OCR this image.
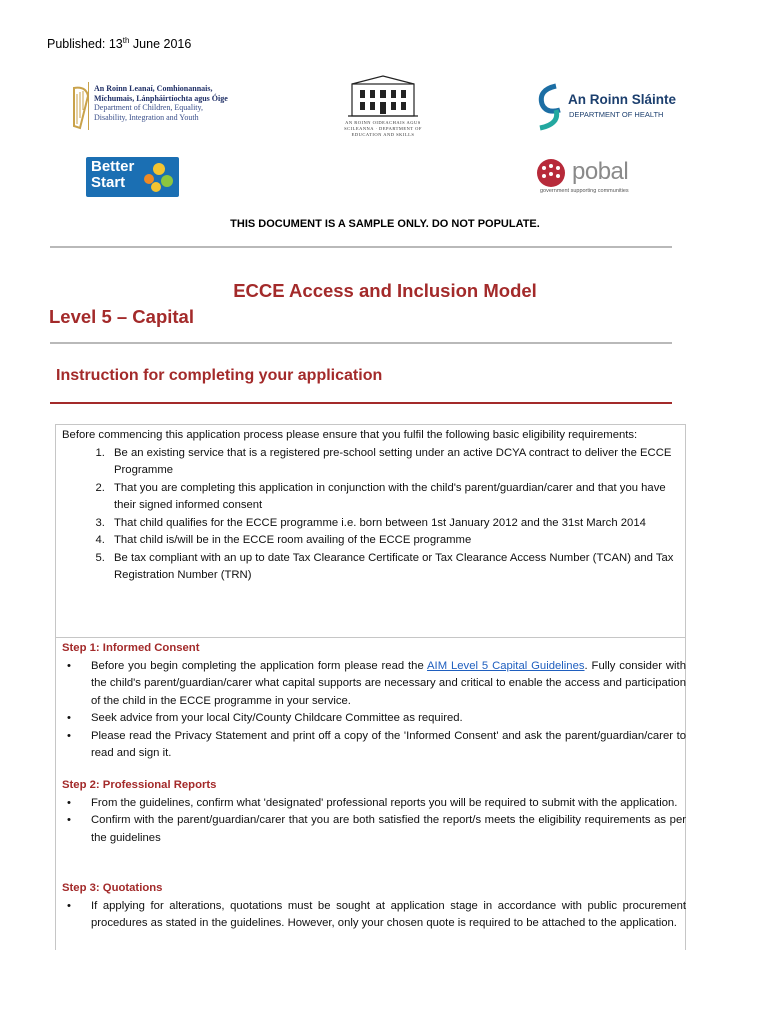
Published: 13th June 2016
An Roinn Leanaí, Comhionannais,
Míchumais, Lánpháirtíochta agus Óige
Department of Children, Equality,
Disability, Integration and Youth
AN ROINN OIDEACHAIS AGUS SCILEANNA · DEPARTMENT OF EDUCATION AND SKILLS
An Roinn Sláinte
DEPARTMENT OF HEALTH
Better
Start	pobal
government supporting communities
THIS DOCUMENT IS A SAMPLE ONLY. DO NOT POPULATE.
ECCE Access and Inclusion Model
Level 5 – Capital
Instruction for completing your application
Before commencing this application process please ensure that you fulfil the following basic eligibility requirements:
1. Be an existing service that is a registered pre-school setting under an active DCYA contract to deliver the ECCE Programme
2. That you are completing this application in conjunction with the child's parent/guardian/carer and that you have their signed informed consent
3. That child qualifies for the ECCE programme i.e. born between 1st January 2012 and the 31st March 2014
4. That child is/will be in the ECCE room availing of the ECCE programme
5. Be tax compliant with an up to date Tax Clearance Certificate or Tax Clearance Access Number (TCAN) and Tax Registration Number (TRN)
Step 1: Informed Consent
• Before you begin completing the application form please read the AIM Level 5 Capital Guidelines. Fully consider with the child's parent/guardian/carer what capital supports are necessary and critical to enable the access and participation of the child in the ECCE programme in your service.
• Seek advice from your local City/County Childcare Committee as required.
• Please read the Privacy Statement and print off a copy of the 'Informed Consent' and ask the parent/guardian/carer to read and sign it.
Step 2: Professional Reports
• From the guidelines, confirm what 'designated' professional reports you will be required to submit with the application.
• Confirm with the parent/guardian/carer that you are both satisfied the report/s meets the eligibility requirements as per the guidelines
Step 3: Quotations
• If applying for alterations, quotations must be sought at application stage in accordance with public procurement procedures as stated in the guidelines. However, only your chosen quote is required to be attached to the application.
